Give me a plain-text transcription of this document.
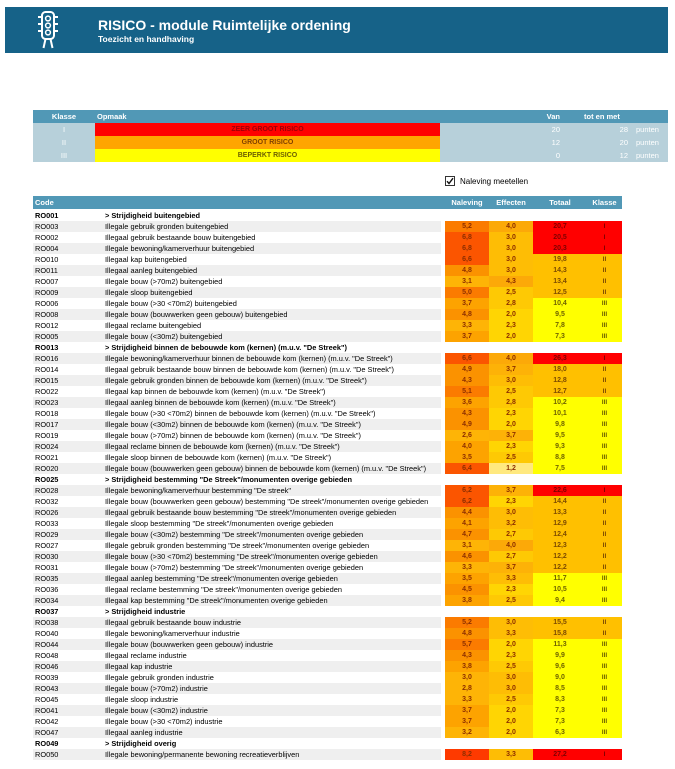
RISICO - module Ruimtelijke ordening
Toezicht en handhaving
Klasse	Opmaak	Van	tot en met
I	ZEER GROOT RISICO	20	28	punten
II	GROOT RISICO	12	20	punten
III	BEPERKT RISICO	0	12	punten
Naleving meetellen
Code	Naleving	Effecten	Totaal	Klasse
RO001	> Strijdigheid buitengebied
RO003	Illegale gebruik gronden buitengebied	5,2	4,0	20,7	I
RO002	Illegaal gebruik bestaande bouw buitengebied	6,8	3,0	20,5	I
RO004	Illegale bewoning/kamerverhuur buitengebied	6,8	3,0	20,3	I
RO010	Illegaal kap buitengebied	6,6	3,0	19,8	II
RO011	Illegaal aanleg buitengebied	4,8	3,0	14,3	II
RO007	Illegale bouw (>70m2) buitengebied	3,1	4,3	13,4	II
RO009	Illegale sloop buitengebied	5,0	2,5	12,5	II
RO006	Illegale bouw (>30 <70m2) buitengebied	3,7	2,8	10,4	III
RO008	Illegale bouw (bouwwerken geen gebouw) buitengebied	4,8	2,0	9,5	III
RO012	Illegaal reclame buitengebied	3,3	2,3	7,8	III
RO005	Illegale bouw (<30m2) buitengebied	3,7	2,0	7,3	III
RO013	> Strijdigheid binnen de bebouwde kom (kernen) (m.u.v. "De Streek")
RO016	Illegale bewoning/kamerverhuur binnen de bebouwde kom (kernen) (m.u.v. "De Streek")	6,6	4,0	26,3	I
RO014	Illegaal gebruik bestaande bouw binnen de bebouwde kom (kernen) (m.u.v. "De Streek")	4,9	3,7	18,0	II
RO015	Illegale gebruik gronden binnen de bebouwde kom (kernen) (m.u.v. "De Streek")	4,3	3,0	12,8	II
RO022	Illegaal kap binnen de bebouwde kom (kernen) (m.u.v. "De Streek")	5,1	2,5	12,7	II
RO023	Illegaal aanleg binnen de bebouwde kom (kernen) (m.u.v. "De Streek")	3,6	2,8	10,2	III
RO018	Illegale bouw (>30 <70m2) binnen de bebouwde kom (kernen) (m.u.v. "De Streek")	4,3	2,3	10,1	III
RO017	Illegale bouw (<30m2) binnen de bebouwde kom (kernen) (m.u.v. "De Streek")	4,9	2,0	9,8	III
RO019	Illegale bouw (>70m2) binnen de bebouwde kom (kernen) (m.u.v. "De Streek")	2,6	3,7	9,5	III
RO024	Illegaal reclame binnen de bebouwde kom (kernen) (m.u.v. "De Streek")	4,0	2,3	9,3	III
RO021	Illegale sloop binnen de bebouwde kom (kernen) (m.u.v. "De Streek")	3,5	2,5	8,8	III
RO020	Illegale bouw (bouwwerken geen gebouw) binnen de bebouwde kom (kernen) (m.u.v. "De Streek")	6,4	1,2	7,5	III
RO025	> Strijdigheid bestemming "De Streek"/monumenten overige gebieden
RO028	Illegale bewoning/kamerverhuur bestemming "De streek"	6,2	3,7	22,6	I
RO032	Illegale bouw (bouwwerken geen gebouw) bestemming "De streek"/monumenten overige gebieden	6,2	2,3	14,4	II
RO026	Illegaal gebruik bestaande bouw bestemming "De streek"/monumenten overige gebieden	4,4	3,0	13,3	II
RO033	Illegale sloop bestemming "De streek"/monumenten overige gebieden	4,1	3,2	12,9	II
RO029	Illegale bouw (<30m2) bestemming "De streek"/monumenten overige gebieden	4,7	2,7	12,4	II
RO027	Illegale gebruik gronden bestemming "De streek"/monumenten overige gebieden	3,1	4,0	12,3	II
RO030	Illegale bouw (>30 <70m2) bestemming "De streek"/monumenten overige gebieden	4,6	2,7	12,2	II
RO031	Illegale bouw (>70m2) bestemming "De streek"/monumenten overige gebieden	3,3	3,7	12,2	II
RO035	Illegaal aanleg bestemming "De streek"/monumenten overige gebieden	3,5	3,3	11,7	III
RO036	Illegaal reclame bestemming "De streek"/monumenten overige gebieden	4,5	2,3	10,5	III
RO034	Illegaal kap bestemming "De streek"/monumenten overige gebieden	3,8	2,5	9,4	III
RO037	> Strijdigheid industrie
RO038	Illegaal gebruik bestaande bouw industrie	5,2	3,0	15,5	II
RO040	Illegale bewoning/kamerverhuur industrie	4,8	3,3	15,8	II
RO044	Illegale bouw (bouwwerken geen gebouw) industrie	5,7	2,0	11,3	III
RO048	Illegaal reclame industrie	4,3	2,3	9,9	III
RO046	Illegaal kap industrie	3,8	2,5	9,6	III
RO039	Illegale gebruik gronden industrie	3,0	3,0	9,0	III
RO043	Illegale bouw (>70m2) industrie	2,8	3,0	8,5	III
RO045	Illegale sloop industrie	3,3	2,5	8,3	III
RO041	Illegale bouw (<30m2) industrie	3,7	2,0	7,3	III
RO042	Illegale bouw (>30 <70m2) industrie	3,7	2,0	7,3	III
RO047	Illegaal aanleg industrie	3,2	2,0	6,3	III
RO049	> Strijdigheid overig
RO050	Illegale bewoning/permanente bewoning recreatieverblijven	8,2	3,3	27,2	I
